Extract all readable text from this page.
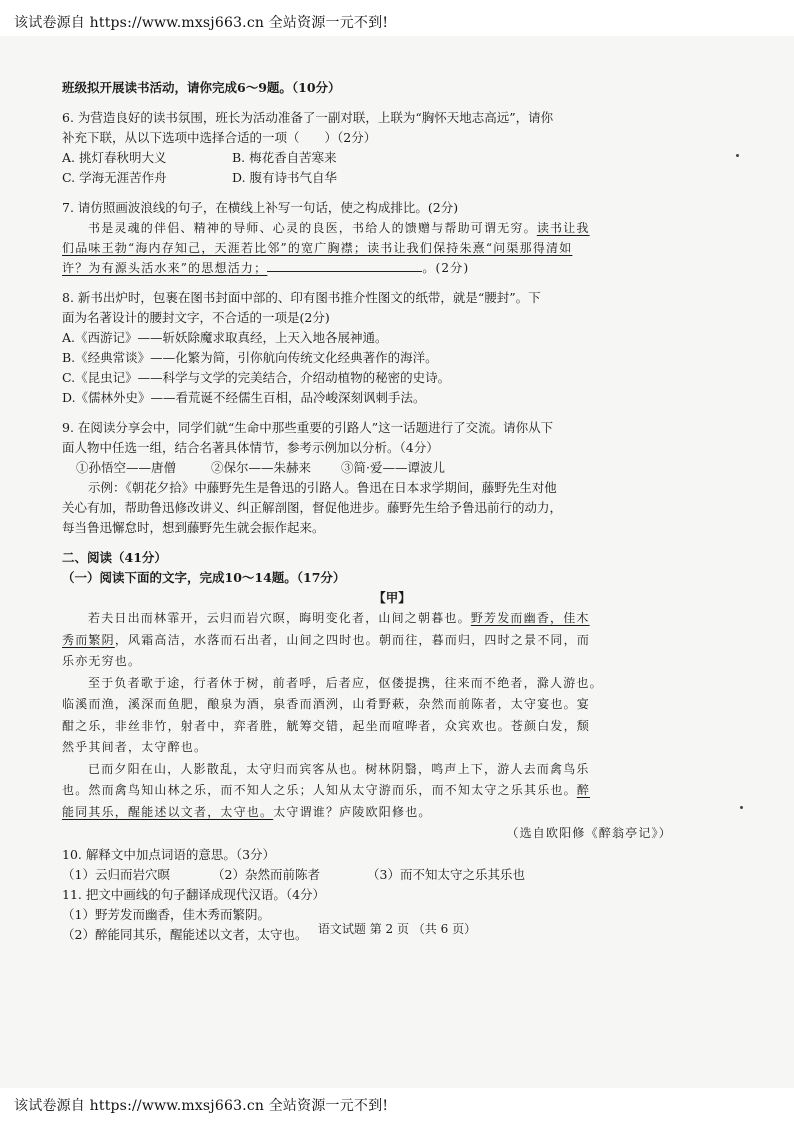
该试卷源自 https://www.mxsj663.cn 全站资源一元不到!
班级拟开展读书活动，请你完成6～9题。（10分）
6. 为营造良好的读书氛围，班长为活动准备了一副对联，上联为“胸怀天地志高远”，请你
补充下联，从以下选项中选择合适的一项（　　）（2分）
A. 挑灯春秋明大义	B. 梅花香自苦寒来
C. 学海无涯苦作舟	D. 腹有诗书气自华
7. 请仿照画波浪线的句子，在横线上补写一句话，使之构成排比。(2分)
书是灵魂的伴侣、精神的导师、心灵的良医，书给人的馈赠与帮助可谓无穷。读书让我
们品味王勃“海内存知己，天涯若比邻”的宽广胸襟；读书让我们保持朱熹“问渠那得清如
许？为有源头活水来”的思想活力；	。(2分)
8. 新书出炉时，包裹在图书封面中部的、印有图书推介性图文的纸带，就是“腰封”。下
面为名著设计的腰封文字，不合适的一项是(2分)
A.《西游记》——斩妖除魔求取真经，上天入地各展神通。
B.《经典常谈》——化繁为简，引你航向传统文化经典著作的海洋。
C.《昆虫记》——科学与文学的完美结合，介绍动植物的秘密的史诗。
D.《儒林外史》——看荒诞不经儒生百相，品冷峻深刻讽刺手法。
9. 在阅读分享会中，同学们就“生命中那些重要的引路人”这一话题进行了交流。请你从下
面人物中任选一组，结合名著具体情节，参考示例加以分析。（4分）
①孙悟空——唐僧	②保尔——朱赫来	③简·爱——谭波儿
示例：《朝花夕拾》中藤野先生是鲁迅的引路人。鲁迅在日本求学期间，藤野先生对他
关心有加，帮助鲁迅修改讲义、纠正解剖图，督促他进步。藤野先生给予鲁迅前行的动力，
每当鲁迅懈怠时，想到藤野先生就会振作起来。
二、阅读（41分）
（一）阅读下面的文字，完成10～14题。（17分）
【甲】
若夫日出而林霏开，云归而岩穴暝，晦明变化者，山间之朝暮也。野芳发而幽香，佳木
秀而繁阴，风霜高洁，水落而石出者，山间之四时也。朝而往，暮而归，四时之景不同，而
乐亦无穷也。
至于负者歌于途，行者休于树，前者呼，后者应，伛偻提携，往来而不绝者，滁人游也。
临溪而渔，溪深而鱼肥，酿泉为酒，泉香而酒洌，山肴野蔌，杂然而前陈者，太守宴也。宴
酣之乐，非丝非竹，射者中，弈者胜，觥筹交错，起坐而喧哗者，众宾欢也。苍颜白发，颓
然乎其间者，太守醉也。
已而夕阳在山，人影散乱，太守归而宾客从也。树林阴翳，鸣声上下，游人去而禽鸟乐
也。然而禽鸟知山林之乐，而不知人之乐；人知从太守游而乐，而不知太守之乐其乐也。醉
能同其乐，醒能述以文者，太守也。太守谓谁？庐陵欧阳修也。
（选自欧阳修《醉翁亭记》）
10. 解释文中加点词语的意思。（3分）
（1）云归而岩穴暝	（2）杂然而前陈者	（3）而不知太守之乐其乐也
11. 把文中画线的句子翻译成现代汉语。（4分）
（1）野芳发而幽香，佳木秀而繁阴。
（2）醉能同其乐，醒能述以文者，太守也。 语文试题 第 2 页 （共 6 页）
该试卷源自 https://www.mxsj663.cn 全站资源一元不到!
